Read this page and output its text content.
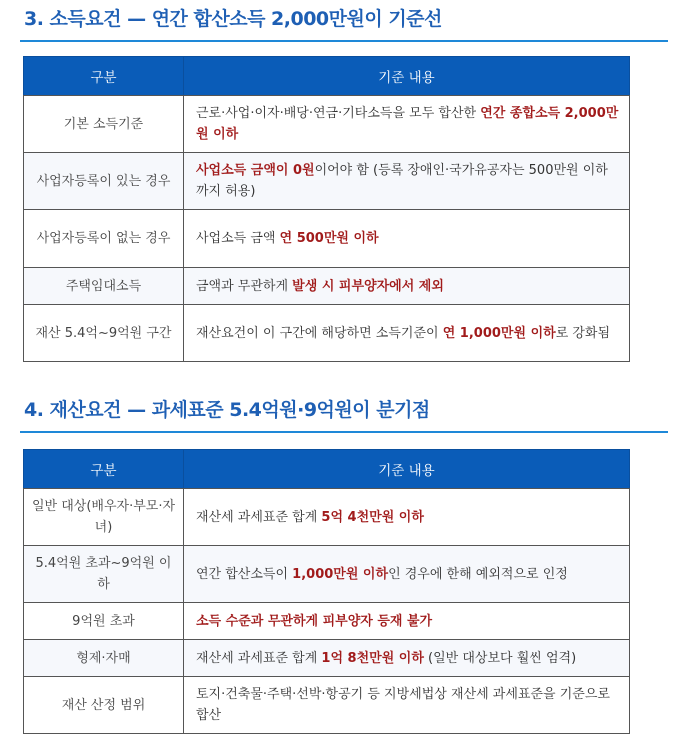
3. 소득요건 — 연간 합산소득 2,000만원이 기준선
구분	기준 내용
기본 소득기준	근로·사업·이자·배당·연금·기타소득을 모두 합산한 연간 종합소득 2,000만원 이하
사업자등록이 있는 경우	사업소득 금액이 0원이어야 함 (등록 장애인·국가유공자는 500만원 이하까지 허용)
사업자등록이 없는 경우	사업소득 금액 연 500만원 이하
주택임대소득	금액과 무관하게 발생 시 피부양자에서 제외
재산 5.4억~9억원 구간	재산요건이 이 구간에 해당하면 소득기준이 연 1,000만원 이하로 강화됨
4. 재산요건 — 과세표준 5.4억원·9억원이 분기점
구분	기준 내용
일반 대상(배우자·부모·자녀)	재산세 과세표준 합계 5억 4천만원 이하
5.4억원 초과~9억원 이하	연간 합산소득이 1,000만원 이하인 경우에 한해 예외적으로 인정
9억원 초과	소득 수준과 무관하게 피부양자 등재 불가
형제·자매	재산세 과세표준 합계 1억 8천만원 이하 (일반 대상보다 훨씬 엄격)
재산 산정 범위	토지·건축물·주택·선박·항공기 등 지방세법상 재산세 과세표준을 기준으로 합산
